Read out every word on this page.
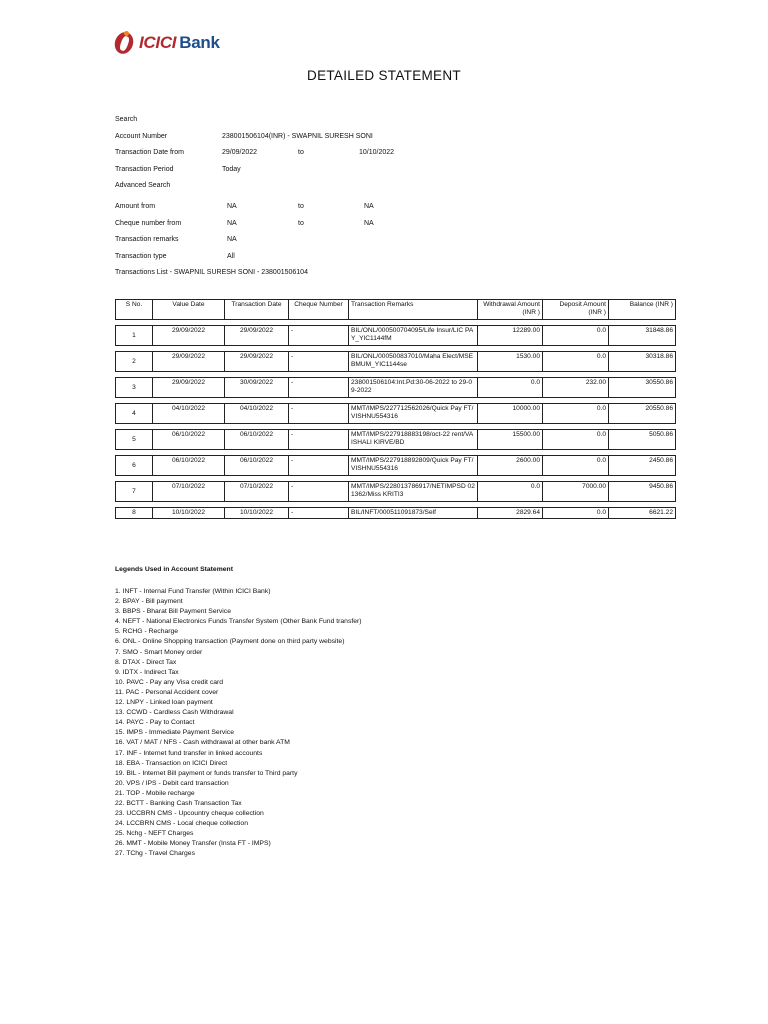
ICICI Bank
DETAILED STATEMENT
Search
Account Number	238001506104(INR) - SWAPNIL SURESH SONI
Transaction Date from	29/09/2022	to	10/10/2022
Transaction Period	Today
Advanced Search
Amount from	NA	to	NA
Cheque number from	NA	to	NA
Transaction remarks	NA
Transaction type	All
Transactions List - SWAPNIL SURESH SONI - 238001506104
S No.	Value Date	Transaction Date	Cheque Number	Transaction Remarks	Withdrawal Amount (INR )	Deposit Amount (INR )	Balance (INR )

1	29/09/2022	29/09/2022	-	BIL/ONL/000500704095/Life Insur/LIC PAY_YIC1144fM	12289.00	0.0	31848.86

2	29/09/2022	29/09/2022	-	BIL/ONL/000500837010/Maha Elect/MSEBMUM_YIC1144se	1530.00	0.0	30318.86

3	29/09/2022	30/09/2022	-	238001506104:Int.Pd:30-06-2022 to 29-09-2022	0.0	232.00	30550.86

4	04/10/2022	04/10/2022	-	MMT/IMPS/227712562026/Quick Pay FT/VISHNU554316	10000.00	0.0	20550.86

5	06/10/2022	06/10/2022	-	MMT/IMPS/227918883198/oct-22 rent/VAISHALI KIRVE/BD	15500.00	0.0	5050.86

6	06/10/2022	06/10/2022	-	MMT/IMPS/227918892809/Quick Pay FT/VISHNU554316	2600.00	0.0	2450.86

7	07/10/2022	07/10/2022	-	MMT/IMPS/228013786917/NETIMPSD 021362/Miss KRITI3	0.0	7000.00	9450.86

8	10/10/2022	10/10/2022	-	BIL/INFT/000511091873/Self	2829.64	0.0	6621.22
Legends Used in Account Statement
1. INFT - Internal Fund Transfer (Within ICICI Bank)
2. BPAY - Bill payment
3. BBPS - Bharat Bill Payment Service
4. NEFT - National Electronics Funds Transfer System (Other Bank Fund transfer)
5. RCHG - Recharge
6. ONL - Online Shopping transaction (Payment done on third party website)
7. SMO - Smart Money order
8. DTAX - Direct Tax
9. IDTX - Indirect Tax
10. PAVC - Pay any Visa credit card
11. PAC - Personal Accident cover
12. LNPY - Linked loan payment
13. CCWD - Cardless Cash Withdrawal
14. PAYC - Pay to Contact
15. IMPS - Immediate Payment Service
16. VAT / MAT / NFS - Cash withdrawal at other bank ATM
17. INF - Internet fund transfer in linked accounts
18. EBA - Transaction on ICICI Direct
19. BIL - Internet Bill payment or funds transfer to Third party
20. VPS / IPS - Debit card transaction
21. TOP - Mobile recharge
22. BCTT - Banking Cash Transaction Tax
23. UCCBRN CMS - Upcountry cheque collection
24. LCCBRN CMS - Local cheque collection
25. Nchg - NEFT Charges
26. MMT - Mobile Money Transfer (Insta FT - IMPS)
27. TChg - Travel Charges
